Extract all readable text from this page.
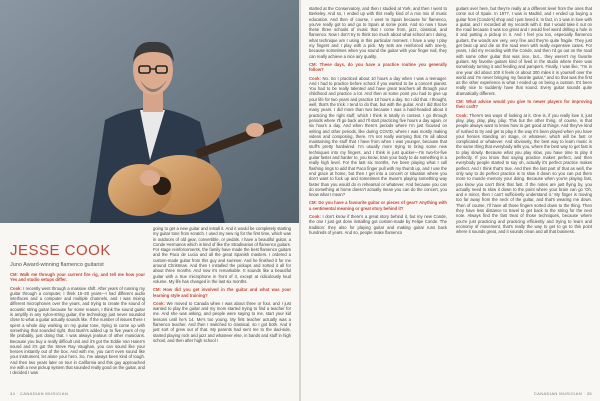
JESSE COOK
Juno Award-winning flamenco guitarist

CM: Walk me through your current fire rig, and tell me how your Yes and studio setups differ.

Cook: I recently went through a massive shift. After years of running my guitar through a computer, I think 15–20 years—I had different audio interfaces and a computer and multiple channels, and I was mixing different microphones over the years, and trying to create the sound of acoustic string guitar because for some reason, I think the sound guitar is amplify in any nylon-string guitar, the technology just never sounded close to what a guitar actually sounds like. If the number of issues there I spent a whole day working on my guitar tone, trying to come up with something that sounded right, that Bush's added up to five years of my life probably, just doing that. I was always jealous of other musicians. Because you buy a really difficult unit and it's got the Eddie Van Halen's sound and it's got the Steve Ray Vaughan, you can sound like your heroes instantly out of the box. And with me, you can't even sound like your instrument, let alone your hero. So, I've always been kind of tough. And then two years later on tour in California and this guy approached me with a new pickup system that sounded really good on the guitar, and I decided I was

going to get a new guitar and install it. And it would be completely starting my guitar tone from scratch. I used my new rig for the first time, which was in outdoors of old gear, convertible, or pedals. I have a beautiful guitar, a Conde Hermanos which is kind of like the Stradivarius of flamenco guitars. For stage reinforcements, the family have made the best flamenco guitars and the Paco de Lucia and all the great Spanish masters. I ordered a custom-made guitar from this guy and summer. And he finished it for me around Christmas. And then I installed the pickups and sorted it all for about three months. And now it's remarkable. It sounds like a beautiful guitar with a true microphone in front of it, except at ridiculously loud volume. My life has changed in the last six months.

CM: How did you get involved in the guitar and what was your learning style and training?

Cook: We moved to Canada when I was about three or four, and I just wanted to play the guitar and my mom started trying to find a teacher for me. And she was asking, and people were saying to me, start your kid lessons until he's 14. Me's too young. My first teacher actually was a flamenco teacher. And then I switched to classical, so I got both. And it just sort of grew out of that. My parents had sent me to the dad-side, started playing rock and jazz and whatever else, in bands and stuff in high school, and then after high school I

34 · CANADIAN MUSICIAN

started at the Conservatory, and then I studied at York, and then I went to Berkeley. And so, I ended up with this really kind of a mix mix of music education. And then of course, I went to Spain because for flamenco, you've really got to and go to Spain at some point. And so now I have these three schools of music that I come from, jazz, classical, and flamenco. Now I don't try to think too much about what school am I doing, what technique am I using in this particular moment. I have a way I play my fingers and I play with a pick. My sets are reinforced with one-ly, because sometimes when you sound the guitar with your finger nail, they can really achieve a nice airy quality.

CM: These days, do you have a practice routine you generally follow?

Cook: No. So I practiced about 10 hours a day when I was a teenager. And I had to practice before school if you wanted to be a concert pianist. You had to be really talented and have great teachers all through your childhood and practice a lot. And then at some point you had to give up your life for two years and practice 10 hours a day. So I did that. I thought, well, that's the trick. I tend to do that, but with the guitar. And I did that for many years. I did more than two because I was a hard-headed about it practicing the right stuff, which I think is totally in context. I go through periods where I'll go back and I'll start practicing five hours a day again, or six hours a day. And when there's periods where I'm just focused on writing and other periods, like during COVID, where I was mostly making videos and composing, there. I'm not really worrying that I'm all about maintaining the stuff that I have from when I was younger, because that stuff's pretty hardwired. I'm usually more trying to bring some new techniques into my fingers, and I think in just quicker—I'm two-for-five guitar faster and harder to, you know, train your body to do something in a really high level. For the last six months, I've been playing what I call flashing rings to add that Paco finger pull with my thumb up, and I use the end grace at home, but then I get into a concert or situation where you don't want to fuck up and sometimes the Swan's playing something way faster than you would do in rehearsal or whatever. And because you can do something at home doesn't actually mean you can do the concert, you know what I mean?

CM: Do you have a favourite guitar or pieces of gear? Anything with a sentimental meaning or great story behind it?

Cook: I don't know if there's a great story behind it, but my new Conde, the one I just got done installing got custom-made by Felipe Conde. The tradition: they also for playing guitar and making guitar runs back hundreds of years. And so, people make flamenco

guitars over here, but they're really at a different level from the ones that come out of Spain. In 1977, I was in Madrid, and I ended up buying a guitar from [Conde's] shop and I just loved it. In fact, in 1 was in love with a guitar, and I recorded all my records with it. But I would take it out on the road because it was too great and I would feel weird drilling a hole in it and putting a pickup in it. And I feel you too, especially flamenco guitars, the woods are very, very fine and they're quite fragile. They just get beat up and die on the road even with really expensive cases. For years, I did my recording with the Conde, and then I'd go out on the road with some other guitar that was nice, but... they weren't my favorite guitars. My favorite guitars kind of lived in the studio where there was somebody turning it and feeding and pampers. Finally, I was like, "I'm in one year old about 100 it feels or about 300 miles it is yourself over the world and I'm never bringing my favorite guitar," and so that was the first as the other experience is what I ended up on being a custom. It's been really nice to suddenly have that sound. Every guitar sounds quite dramatically different.

CM: What advice would you give to newer players for improving their craft?

Cook: There's two ways of looking at it. One is, if you really love it, just play, play, play, play, play. This but the other thing, of course, is that people always want to know how to get good at things. And they've kind of rushed to try and get to play it the way it's been played when you have your heroes standing on stage, or whatever, which will be fast or complicated or whatever. And obviously, the best way to learn music is the same thing that everybody tells you, where the best way to get fast is to play slowly. Because what you play slow, you have time to play it perfectly. If you know that saying practice makes perfect, and then everybody people started to say oh, actually it's perfect practice makes perfect. And I think that's true. And then the last part of that as well, the only way to do perfect practice is to slow it down so you can put them more to muscle memory your doing. Because when you're playing fast, you know you can't think that fast. If the notes are just flying by, you actually need to slow it down to the point where your brain can go 'Oh, and e minor, then I can’t sufficiently understand it.' My finger is moving too far away from the neck of the guitar, and that's wearing me down. Then of course, I'll have all those fingers sorted down to the thing. Then they have less distance to travel to get back to the string for the next note. Always find the fast treat of those techniques, because where you're just practicing and practicing efficiently and trying to learn and economy of movement, that's really the way to get to go to this point where it sounds great, and it sounds clean and all that business.

CANADIAN MUSICIAN · 35
